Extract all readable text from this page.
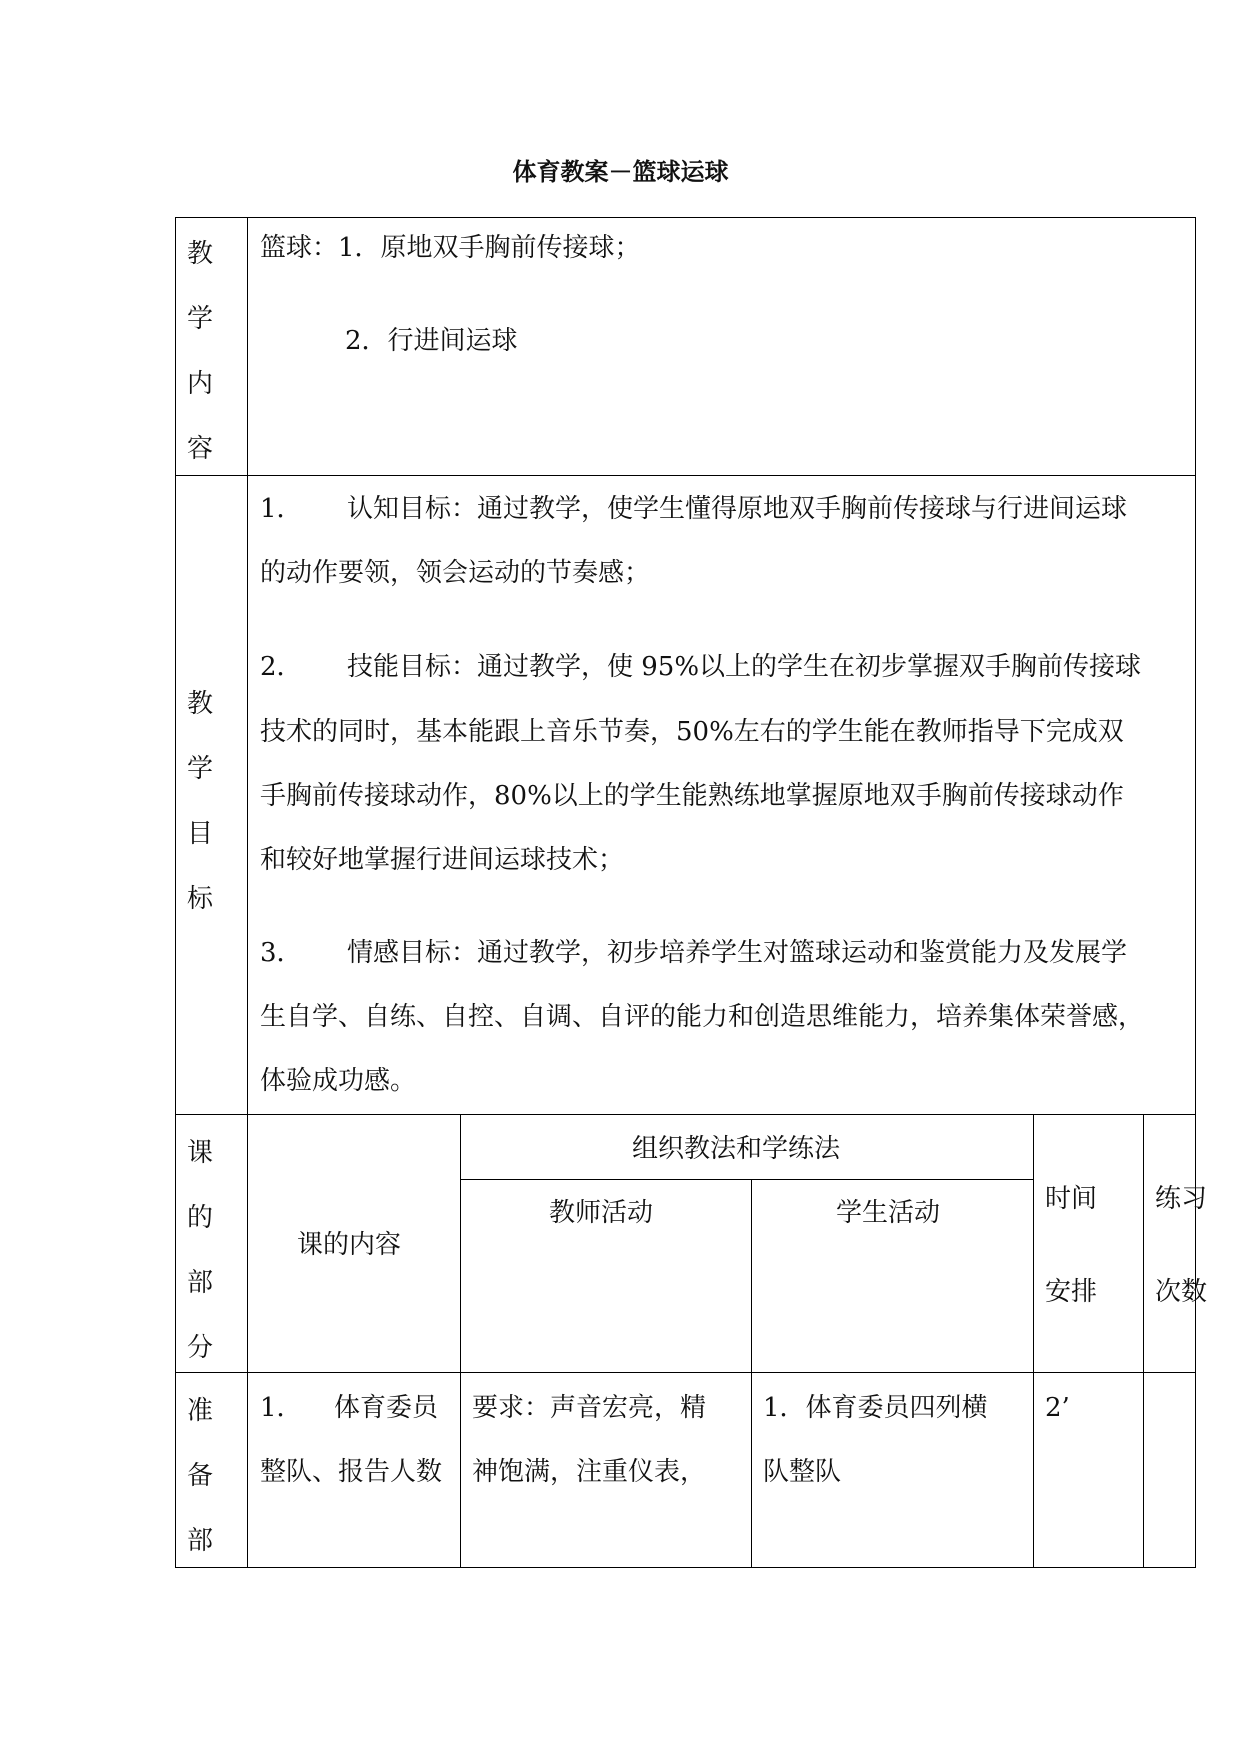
体育教案－篮球运球
教
学
内
容
篮球：1．原地双手胸前传接球；
2．行进间运球
教
学
目
标
1． 认知目标：通过教学，使学生懂得原地双手胸前传接球与行进间运球
的动作要领，领会运动的节奏感；
2． 技能目标：通过教学，使 95%以上的学生在初步掌握双手胸前传接球
技术的同时，基本能跟上音乐节奏，50%左右的学生能在教师指导下完成双
手胸前传接球动作，80%以上的学生能熟练地掌握原地双手胸前传接球动作
和较好地掌握行进间运球技术；
3． 情感目标：通过教学，初步培养学生对篮球运动和鉴赏能力及发展学
生自学、自练、自控、自调、自评的能力和创造思维能力，培养集体荣誉感，
体验成功感。
课
的
部
分
课的内容
组织教法和学练法
教师活动	学生活动	时间
安排
练习
次数
准
备
部
1． 体育委员
整队、报告人数
要求：声音宏亮，精
神饱满，注重仪表，
1．体育委员四列横
队整队
2’
